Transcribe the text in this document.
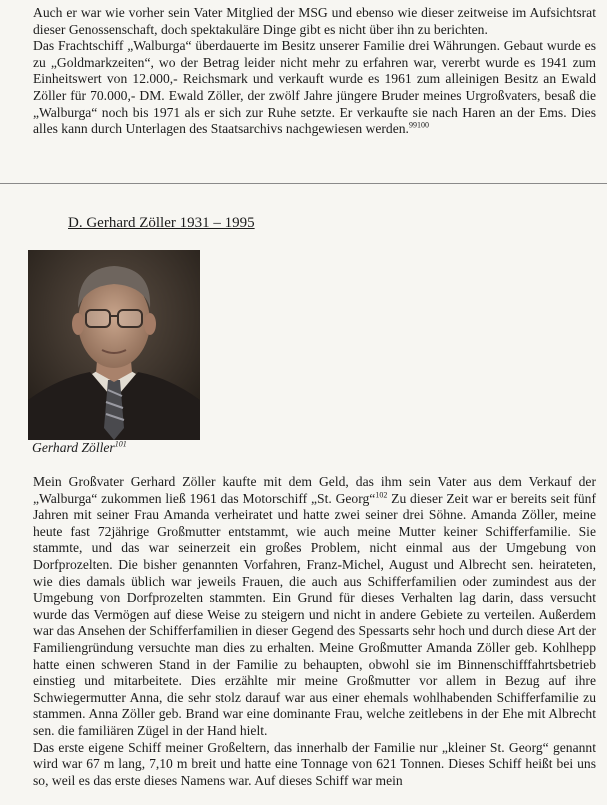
Auch er war wie vorher sein Vater Mitglied der MSG und ebenso wie dieser zeitweise im Aufsichtsrat dieser Genossenschaft, doch spektakuläre Dinge gibt es nicht über ihn zu berichten.

Das Frachtschiff „Walburga“ überdauerte im Besitz unserer Familie drei Währungen. Gebaut wurde es zu „Goldmarkzeiten“, wo der Betrag leider nicht mehr zu erfahren war, vererbt wurde es 1941 zum Einheitswert von 12.000,- Reichsmark und verkauft wurde es 1961 zum alleinigen Besitz an Ewald Zöller für 70.000,- DM. Ewald Zöller, der zwölf Jahre jüngere Bruder meines Urgroßvaters, besaß die „Walburga“ noch bis 1971 als er sich zur Ruhe setzte. Er verkaufte sie nach Haren an der Ems. Dies alles kann durch Unterlagen des Staatsarchivs nachgewiesen werden.$^{99100}$

D. Gerhard Zöller 1931 – 1995
Gerhard Zöller$^{101}$

Mein Großvater Gerhard Zöller kaufte mit dem Geld, das ihm sein Vater aus dem Verkauf der „Walburga“ zukommen ließ 1961 das Motorschiff „St. Georg“$^{102}$ Zu dieser Zeit war er bereits seit fünf Jahren mit seiner Frau Amanda verheiratet und hatte zwei seiner drei Söhne. Amanda Zöller, meine heute fast 72jährige Großmutter entstammt, wie auch meine Mutter keiner Schifferfamilie. Sie stammte, und das war seinerzeit ein großes Problem, nicht einmal aus der Umgebung von Dorfprozelten. Die bisher genannten Vorfahren, Franz-Michel, August und Albrecht sen. heirateten, wie dies damals üblich war jeweils Frauen, die auch aus Schifferfamilien oder zumindest aus der Umgebung von Dorfprozelten stammten. Ein Grund für dieses Verhalten lag darin, dass versucht wurde das Vermögen auf diese Weise zu steigern und nicht in andere Gebiete zu verteilen. Außerdem war das Ansehen der Schifferfamilien in dieser Gegend des Spessarts sehr hoch und durch diese Art der Familiengründung versuchte man dies zu erhalten. Meine Großmutter Amanda Zöller geb. Kohlhepp hatte einen schweren Stand in der Familie zu behaupten, obwohl sie im Binnenschifffahrtsbetrieb einstieg und mitarbeitete. Dies erzählte mir meine Großmutter vor allem in Bezug auf ihre Schwiegermutter Anna, die sehr stolz darauf war aus einer ehemals wohlhabenden Schifferfamilie zu stammen. Anna Zöller geb. Brand war eine dominante Frau, welche zeitlebens in der Ehe mit Albrecht sen. die familiären Zügel in der Hand hielt.

Das erste eigene Schiff meiner Großeltern, das innerhalb der Familie nur „kleiner St. Georg“ genannt wird war 67 m lang, 7,10 m breit und hatte eine Tonnage von 621 Tonnen. Dieses Schiff heißt bei uns so, weil es das erste dieses Namens war. Auf dieses Schiff war mein
